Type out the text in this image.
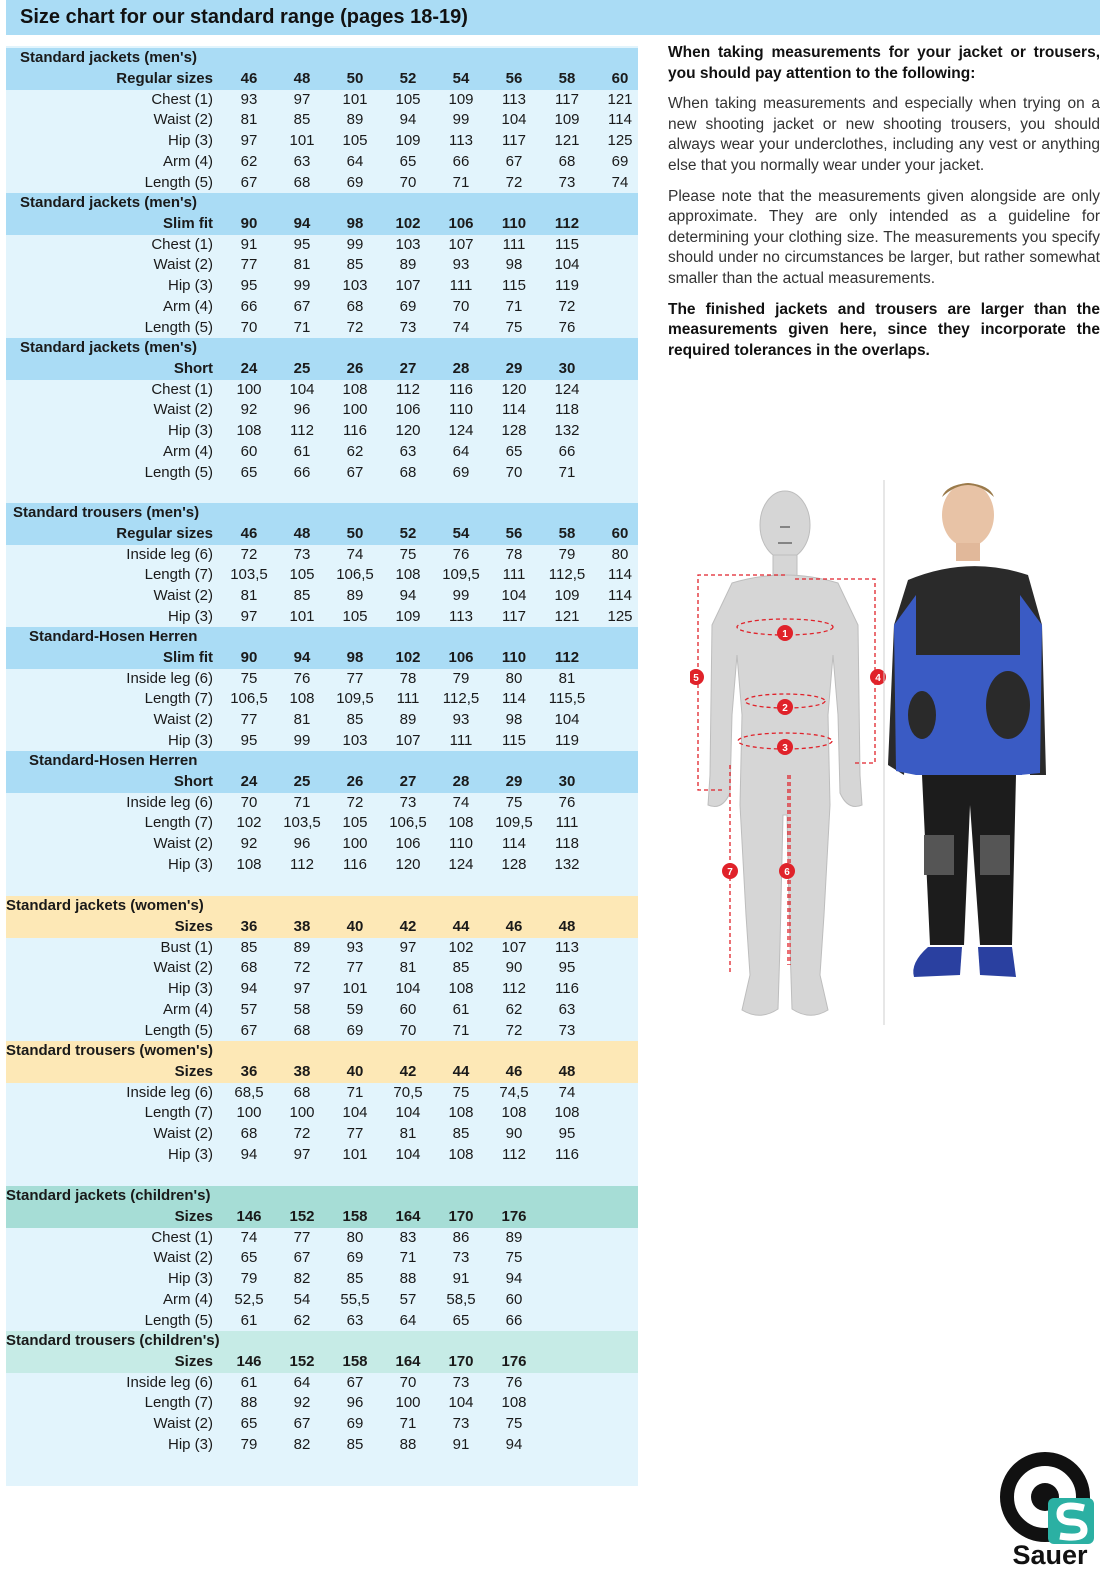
Size chart for our standard range (pages 18-19)
Standard jackets (men's)
Regular sizes	46	48	50	52	54	56	58	60
Chest (1)	93	97	101	105	109	113	117	121
Waist (2)	81	85	89	94	99	104	109	114
Hip (3)	97	101	105	109	113	117	121	125
Arm (4)	62	63	64	65	66	67	68	69
Length (5)	67	68	69	70	71	72	73	74
Standard jackets (men's)
Slim fit	90	94	98	102	106	110	112
Chest (1)	91	95	99	103	107	111	115
Waist (2)	77	81	85	89	93	98	104
Hip (3)	95	99	103	107	111	115	119
Arm (4)	66	67	68	69	70	71	72
Length (5)	70	71	72	73	74	75	76
Standard jackets (men's)
Short	24	25	26	27	28	29	30
Chest (1)	100	104	108	112	116	120	124
Waist (2)	92	96	100	106	110	114	118
Hip (3)	108	112	116	120	124	128	132
Arm (4)	60	61	62	63	64	65	66
Length (5)	65	66	67	68	69	70	71
Standard trousers (men's)
Regular sizes	46	48	50	52	54	56	58	60
Inside leg (6)	72	73	74	75	76	78	79	80
Length (7)	103,5	105	106,5	108	109,5	111	112,5	114
Waist (2)	81	85	89	94	99	104	109	114
Hip (3)	97	101	105	109	113	117	121	125
Standard-Hosen Herren
Slim fit	90	94	98	102	106	110	112
Inside leg (6)	75	76	77	78	79	80	81
Length (7)	106,5	108	109,5	111	112,5	114	115,5
Waist (2)	77	81	85	89	93	98	104
Hip (3)	95	99	103	107	111	115	119
Standard-Hosen Herren
Short	24	25	26	27	28	29	30
Inside leg (6)	70	71	72	73	74	75	76
Length (7)	102	103,5	105	106,5	108	109,5	111
Waist (2)	92	96	100	106	110	114	118
Hip (3)	108	112	116	120	124	128	132
Standard jackets (women's)
Sizes	36	38	40	42	44	46	48
Bust (1)	85	89	93	97	102	107	113
Waist (2)	68	72	77	81	85	90	95
Hip (3)	94	97	101	104	108	112	116
Arm (4)	57	58	59	60	61	62	63
Length (5)	67	68	69	70	71	72	73
Standard trousers (women's)
Sizes	36	38	40	42	44	46	48
Inside leg (6)	68,5	68	71	70,5	75	74,5	74
Length (7)	100	100	104	104	108	108	108
Waist (2)	68	72	77	81	85	90	95
Hip (3)	94	97	101	104	108	112	116
Standard jackets (children's)
Sizes	146	152	158	164	170	176
Chest (1)	74	77	80	83	86	89
Waist (2)	65	67	69	71	73	75
Hip (3)	79	82	85	88	91	94
Arm (4)	52,5	54	55,5	57	58,5	60
Length (5)	61	62	63	64	65	66
Standard trousers (children's)
Sizes	146	152	158	164	170	176
Inside leg (6)	61	64	67	70	73	76
Length (7)	88	92	96	100	104	108
Waist (2)	65	67	69	71	73	75
Hip (3)	79	82	85	88	91	94

When taking measurements for your jacket or trousers, you should pay attention to the following:

When taking measurements and especially when trying on a new shooting jacket or new shooting trousers, you should always wear your underclothes, including any vest or anything else that you normally wear under your jacket.

Please note that the measurements given alongside are only approximate. They are only intended as a guideline for determining your clothing size. The measurements you specify should under no circumstances be larger, but rather somewhat smaller than the actual measurements.

The finished jackets and trousers are larger than the measurements given here, since they incorporate the required tolerances in the overlaps.

1
2
3
4
5
6
7
Sauer
